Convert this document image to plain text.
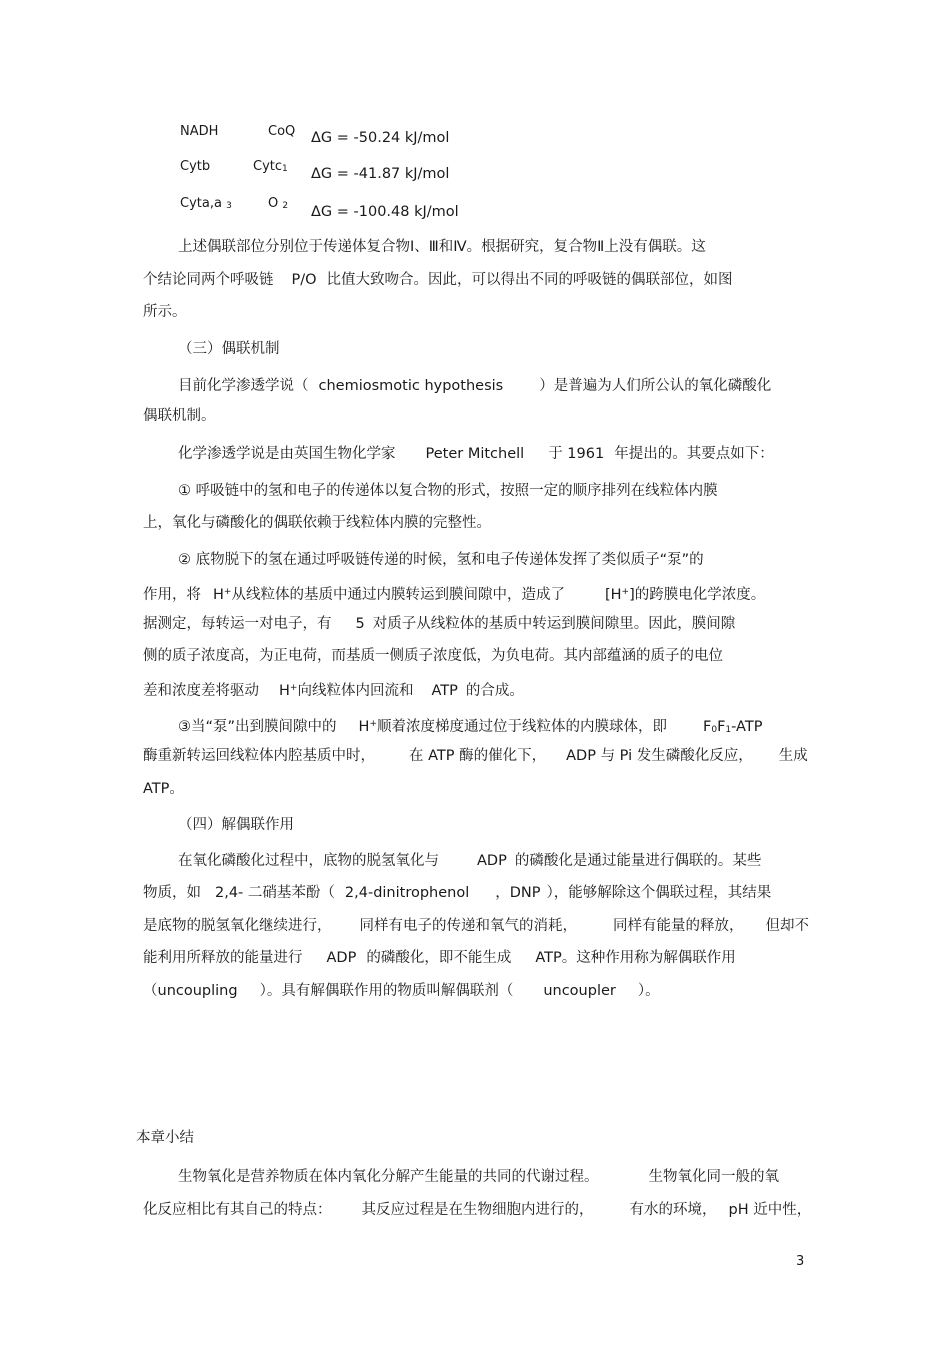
NADH	CoQ ΔG = -50.24 kJ/mol
Cytb	Cytc1 ΔG = -41.87 kJ/mol
Cyta,a 3	O 2 ΔG = -100.48 kJ/mol
上述偶联部位分别位于传递体复合物Ⅰ、Ⅲ和Ⅳ。根据研究，复合物Ⅱ上没有偶联。这
个结论同两个呼吸链 P/O 比值大致吻合。因此，可以得出不同的呼吸链的偶联部位，如图
所示。
（三）偶联机制
目前化学渗透学说（ chemiosmotic hypothesis ）是普遍为人们所公认的氧化磷酸化
偶联机制。
化学渗透学说是由英国生物化学家 Peter Mitchell 于 1961 年提出的。其要点如下：
① 呼吸链中的氢和电子的传递体以复合物的形式，按照一定的顺序排列在线粒体内膜
上，氧化与磷酸化的偶联依赖于线粒体内膜的完整性。
② 底物脱下的氢在通过呼吸链传递的时候，氢和电子传递体发挥了类似质子“泵”的
作用，将 H+从线粒体的基质中通过内膜转运到膜间隙中，造成了	[H+]的跨膜电化学浓度。
据测定，每转运一对电子，有 5 对质子从线粒体的基质中转运到膜间隙里。因此，膜间隙
侧的质子浓度高，为正电荷，而基质一侧质子浓度低，为负电荷。其内部蕴涵的质子的电位
差和浓度差将驱动 H+向线粒体内回流和 ATP 的合成。
③当“泵”出到膜间隙中的 H+顺着浓度梯度通过位于线粒体的内膜球体，即 F0F1-ATP
酶重新转运回线粒体内腔基质中时， 在 ATP 酶的催化下， ADP 与 Pi 发生磷酸化反应， 生成
ATP。
（四）解偶联作用
在氧化磷酸化过程中，底物的脱氢氧化与	ADP 的磷酸化是通过能量进行偶联的。某些
物质，如 2,4- 二硝基苯酚（ 2,4-dinitrophenol ，DNP ），能够解除这个偶联过程，其结果
是底物的脱氢氧化继续进行， 同样有电子的传递和氧气的消耗， 同样有能量的释放， 但却不
能利用所释放的能量进行 ADP 的磷酸化，即不能生成 ATP。这种作用称为解偶联作用
（uncoupling ）。具有解偶联作用的物质叫解偶联剂（ uncoupler ）。
本章小结
生物氧化是营养物质在体内氧化分解产生能量的共同的代谢过程。	生物氧化同一般的氧
化反应相比有其自己的特点： 其反应过程是在生物细胞内进行的， 有水的环境， pH 近中性，
3
